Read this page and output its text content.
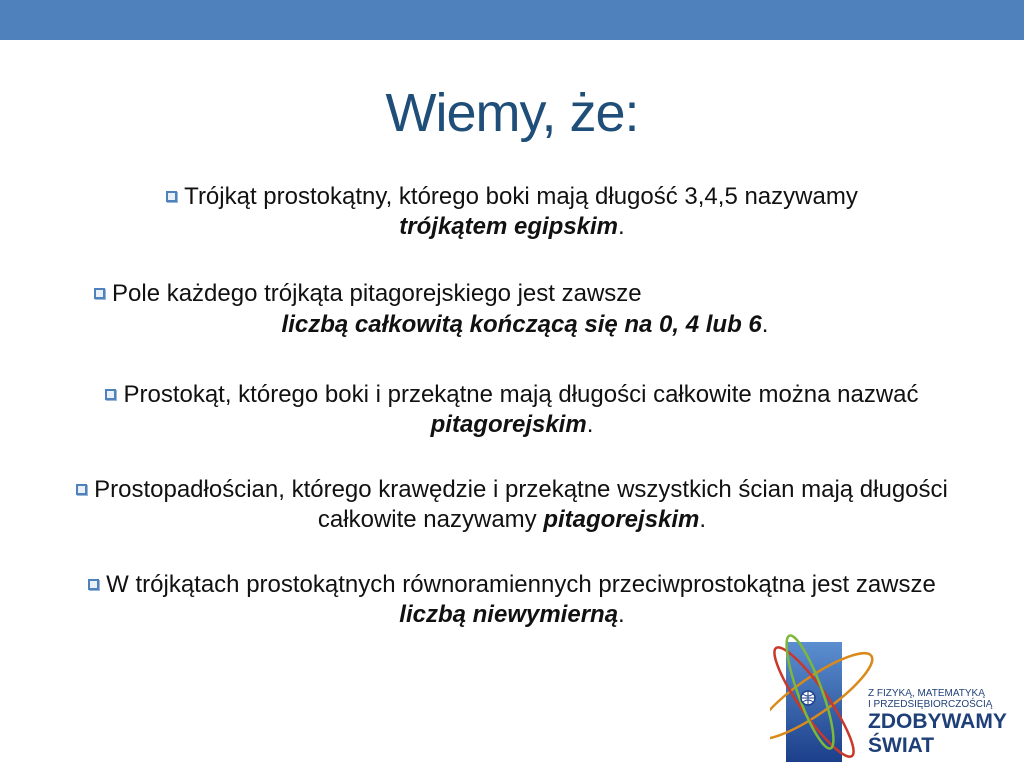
Wiemy, że:
Trójkąt prostokątny, którego boki mają długość 3,4,5 nazywamy
trójkątem egipskim.
Pole każdego trójkąta pitagorejskiego jest zawsze
liczbą całkowitą kończącą się na 0, 4 lub 6.
Prostokąt, którego boki i przekątne mają długości całkowite można nazwać pitagorejskim.
Prostopadłościan, którego krawędzie i przekątne wszystkich ścian mają długości całkowite nazywamy pitagorejskim.
W trójkątach prostokątnych równoramiennych przeciwprostokątna jest zawsze liczbą niewymierną.
Z FIZYKĄ, MATEMATYKĄ
I PRZEDSIĘBIORCZOŚCIĄ
ZDOBYWAMY
ŚWIAT
